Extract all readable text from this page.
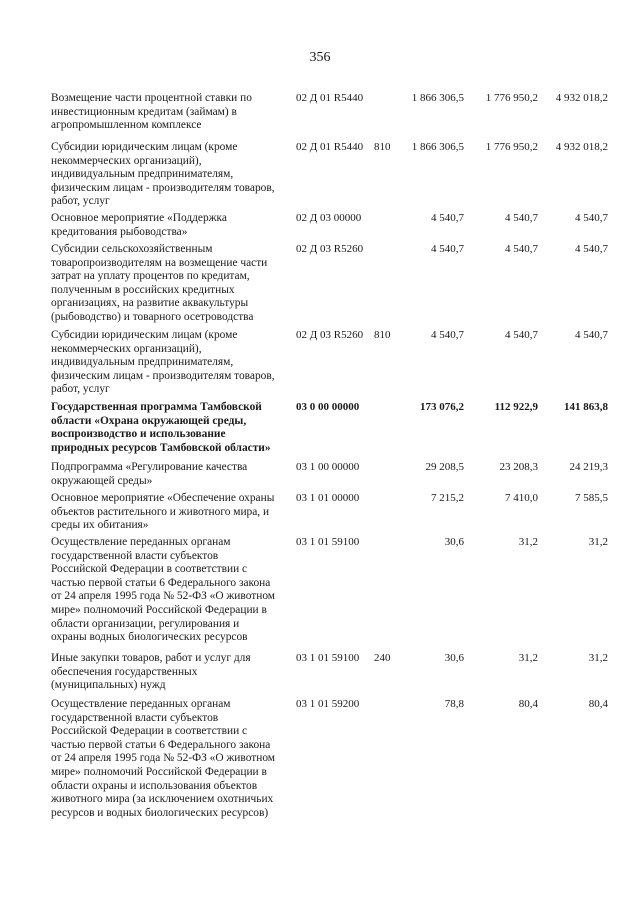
356
Возмещение части процентной ставки по
инвестиционным кредитам (займам) в
агропромышленном комплексе
02 Д 01 R5440	1 866 306,5	1 776 950,2	4 932 018,2
Субсидии юридическим лицам (кроме
некоммерческих организаций),
индивидуальным предпринимателям,
физическим лицам - производителям товаров,
работ, услуг
02 Д 01 R5440 810	1 866 306,5	1 776 950,2	4 932 018,2
Основное мероприятие «Поддержка
кредитования рыбоводства»
02 Д 03 00000	4 540,7	4 540,7	4 540,7
Субсидии сельскохозяйственным
товаропроизводителям на возмещение части
затрат на уплату процентов по кредитам,
полученным в российских кредитных
организациях, на развитие аквакультуры
(рыбоводство) и товарного осетроводства
02 Д 03 R5260	4 540,7	4 540,7	4 540,7
Субсидии юридическим лицам (кроме
некоммерческих организаций),
индивидуальным предпринимателям,
физическим лицам - производителям товаров,
работ, услуг
02 Д 03 R5260 810	4 540,7	4 540,7	4 540,7
Государственная программа Тамбовской
области «Охрана окружающей среды,
воспроизводство и использование
природных ресурсов Тамбовской области»
03 0 00 00000	173 076,2	112 922,9	141 863,8
Подпрограмма «Регулирование качества
окружающей среды»
03 1 00 00000	29 208,5	23 208,3	24 219,3
Основное мероприятие «Обеспечение охраны
объектов растительного и животного мира, и
среды их обитания»
03 1 01 00000	7 215,2	7 410,0	7 585,5
Осуществление переданных органам
государственной власти субъектов
Российской Федерации в соответствии с
частью первой статьи 6 Федерального закона
от 24 апреля 1995 года № 52-ФЗ «О животном
мире» полномочий Российской Федерации в
области организации, регулирования и
охраны водных биологических ресурсов
03 1 01 59100	30,6	31,2	31,2
Иные закупки товаров, работ и услуг для
обеспечения государственных
(муниципальных) нужд
03 1 01 59100	240	30,6	31,2	31,2
Осуществление переданных органам
государственной власти субъектов
Российской Федерации в соответствии с
частью первой статьи 6 Федерального закона
от 24 апреля 1995 года № 52-ФЗ «О животном
мире» полномочий Российской Федерации в
области охраны и использования объектов
животного мира (за исключением охотничьих
ресурсов и водных биологических ресурсов)
03 1 01 59200	78,8	80,4	80,4
